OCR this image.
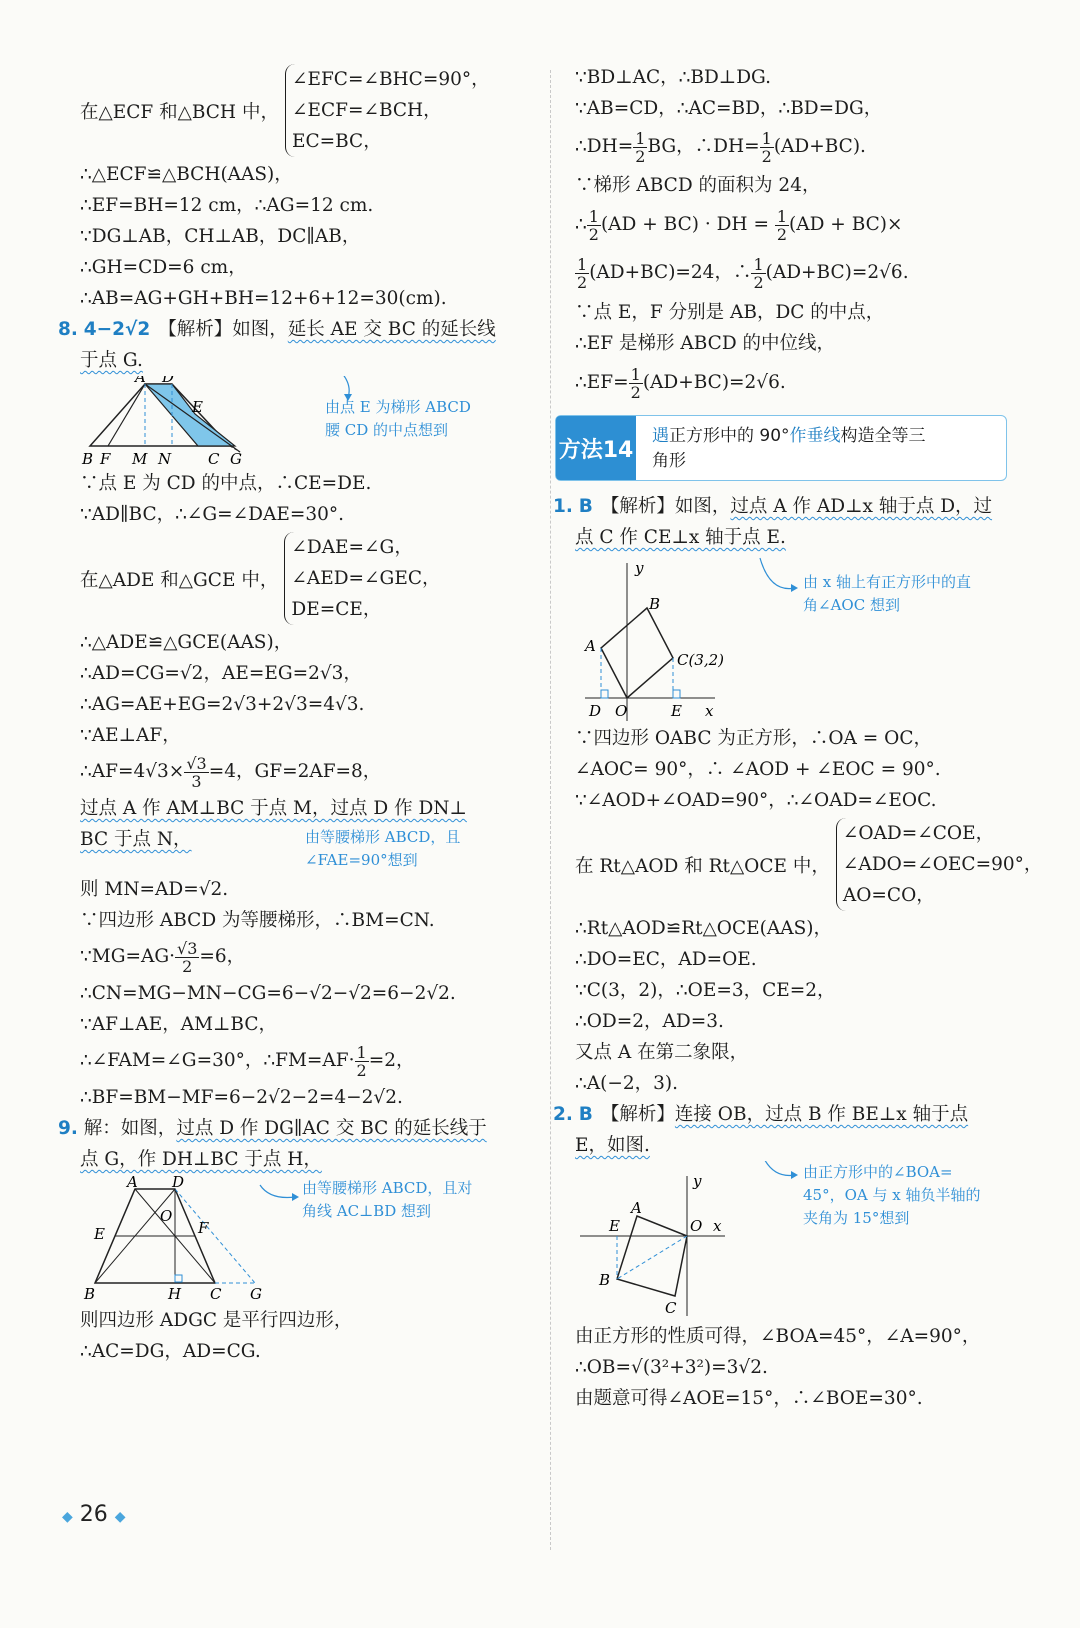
在△ECF 和△BCH 中，
∠EFC=∠BHC=90°，
∠ECF=∠BCH，
EC=BC，
∴△ECF≌△BCH(AAS)，
∴EF=BH=12 cm，∴AG=12 cm.
∵DG⊥AB，CH⊥AB，DC∥AB，
∴GH=CD=6 cm，
∴AB=AG+GH+BH=12+6+12=30(cm).
8. 4−2√2 【解析】如图，延长 AE 交 BC 的延长线
于点 G.
A D
E
B F M N C G
由点 E 为梯形 ABCD
腰 CD 的中点想到
∵点 E 为 CD 的中点，∴CE=DE.
∵AD∥BC，∴∠G=∠DAE=30°.
在△ADE 和△GCE 中，
∠DAE=∠G，
∠AED=∠GEC，
DE=CE，
∴△ADE≌△GCE(AAS)，
∴AD=CG=√2，AE=EG=2√3，
∴AG=AE+EG=2√3+2√3=4√3.
∵AE⊥AF，
∴AF=4√3× $\frac{√3}{3} =4$，GF=2AF=8，
过点 A 作 AM⊥BC 于点 M，过点 D 作 DN⊥
BC 于点 N，	由等腰梯形 ABCD，且
∠FAE=90°想到
则 MN=AD=√2.
∵四边形 ABCD 为等腰梯形，∴BM=CN.
∵MG=AG· $\frac{√3}{2} =6$，
∴CN=MG−MN−CG=6−√2−√2=6−2√2.
∵AF⊥AE，AM⊥BC，
∴∠FAM=∠G=30°，∴FM=AF· $\frac{1}{2} =2$，
∴BF=BM−MF=6−2√2−2=4−2√2.
9. 解：如图，过点 D 作 DG∥AC 交 BC 的延长线于
点 G，作 DH⊥BC 于点 H，
A D
O
E	F
B	H C G
由等腰梯形 ABCD，且对
角线 AC⊥BD 想到
则四边形 ADGC 是平行四边形，
∴AC=DG，AD=CG.
∵BD⊥AC，∴BD⊥DG.
∵AB=CD，∴AC=BD，∴BD=DG，
∴DH= $\frac{1}{2}$ BG，∴DH= $\frac{1}{2} (AD+BC)$.
∵梯形 ABCD 的面积为 24，
∴ $\frac{1}{2} (AD + BC)$ · DH = $\frac{1}{2} (AD + BC)\times$
$\frac{1}{2} (AD+BC)=24$，∴ $\frac{1}{2} (AD+BC)=2√6$.
∵点 E，F 分别是 AB，DC 的中点，
∴EF 是梯形 ABCD 的中位线，
∴EF= $\frac{1}{2} (AD+BC)=2√6$.
方法14
遇正方形中的 90°作垂线构造全等三
角形
1. B 【解析】如图，过点 A 作 AD⊥x 轴于点 D，过
点 C 作 CE⊥x 轴于点 E.
y
B
A
C(3,2)
D O	E x
由 x 轴上有正方形中的直
角∠AOC 想到
∵四边形 OABC 为正方形，∴OA = OC，
∠AOC= 90°，∴ ∠AOD + ∠EOC = 90°.
∵∠AOD+∠OAD=90°，∴∠OAD=∠EOC.
在 Rt△AOD 和 Rt△OCE 中，
∠OAD=∠COE，
∠ADO=∠OEC=90°，
AO=CO，
∴Rt△AOD≌Rt△OCE(AAS)，
∴DO=EC，AD=OE.
∵C(3，2)，∴OE=3，CE=2，
∴OD=2，AD=3.
又点 A 在第二象限，
∴A(−2，3).
2. B 【解析】连接 OB，过点 B 作 BE⊥x 轴于点
E，如图.
y
A
E	O x
B
C
由正方形中的∠BOA=
45°，OA 与 x 轴负半轴的
夹角为 15°想到
由正方形的性质可得，∠BOA=45°，∠A=90°，
∴OB=√(3²+3²)=3√2.
由题意可得∠AOE=15°，∴∠BOE=30°.
◆ 26 ◆
